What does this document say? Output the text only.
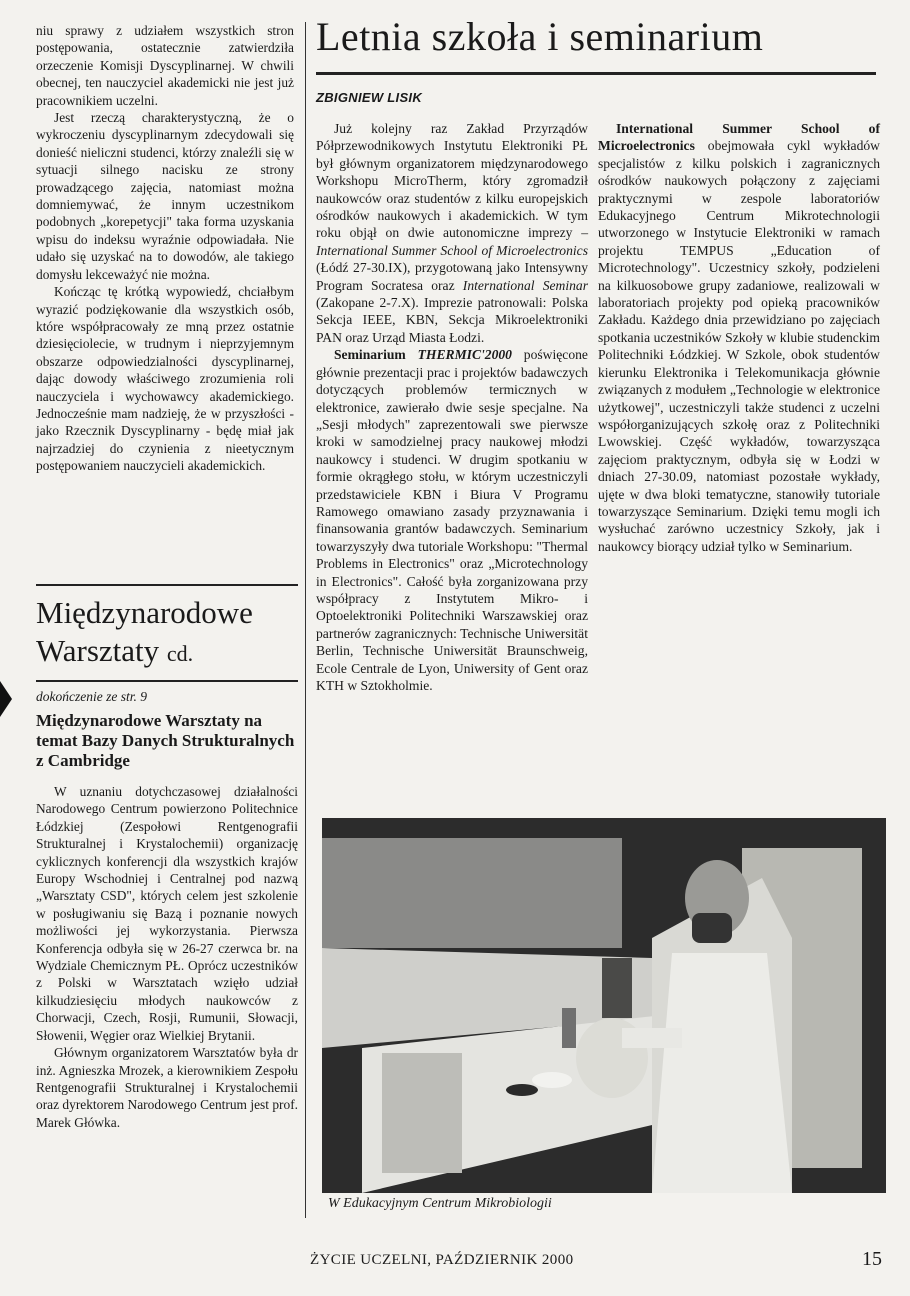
niu sprawy z udziałem wszystkich stron postępowania, ostatecznie zatwierdziła orzeczenie Komisji Dyscyplinarnej. W chwili obecnej, ten nauczyciel akademicki nie jest już pracownikiem uczelni.

Jest rzeczą charakterystyczną, że o wykroczeniu dyscyplinarnym zdecydowali się donieść nieliczni studenci, którzy znaleźli się w sytuacji silnego nacisku ze strony prowadzącego zajęcia, natomiast można domniemywać, że innym uczestnikom podobnych „korepetycji" taka forma uzyskania wpisu do indeksu wyraźnie odpowiadała. Nie udało się uzyskać na to dowodów, ale takiego domysłu lekceważyć nie można.

Kończąc tę krótką wypowiedź, chciałbym wyrazić podziękowanie dla wszystkich osób, które współpracowały ze mną przez ostatnie dziesięciolecie, w trudnym i nieprzyjemnym obszarze odpowiedzialności dyscyplinarnej, dając dowody właściwego zrozumienia roli nauczyciela i wychowawcy akademickiego. Jednocześnie mam nadzieję, że w przyszłości - jako Rzecznik Dyscyplinarny - będę miał jak najrzadziej do czynienia z nieetycznym postępowaniem nauczycieli akademickich.

Międzynarodowe Warsztaty cd.
dokończenie ze str. 9
Międzynarodowe Warsztaty na temat Bazy Danych Strukturalnych z Cambridge

W uznaniu dotychczasowej działalności Narodowego Centrum powierzono Politechnice Łódzkiej (Zespołowi Rentgenografii Strukturalnej i Krystalochemii) organizację cyklicznych konferencji dla wszystkich krajów Europy Wschodniej i Centralnej pod nazwą „Warsztaty CSD", których celem jest szkolenie w posługiwaniu się Bazą i poznanie nowych możliwości jej wykorzystania. Pierwsza Konferencja odbyła się w 26-27 czerwca br. na Wydziale Chemicznym PŁ. Oprócz uczestników z Polski w Warsztatach wzięło udział kilkudziesięciu młodych naukowców z Chorwacji, Czech, Rosji, Rumunii, Słowacji, Słowenii, Węgier oraz Wielkiej Brytanii.

Głównym organizatorem Warsztatów była dr inż. Agnieszka Mrozek, a kierownikiem Zespołu Rentgenografii Strukturalnej i Krystalochemii oraz dyrektorem Narodowego Centrum jest prof. Marek Główka.

Letnia szkoła i seminarium
ZBIGNIEW LISIK

Już kolejny raz Zakład Przyrządów Półprzewodnikowych Instytutu Elektroniki PŁ był głównym organizatorem międzynarodowego Workshopu MicroTherm, który zgromadził naukowców oraz studentów z kilku europejskich ośrodków naukowych i akademickich. W tym roku objął on dwie autonomiczne imprezy – International Summer School of Microelectronics (Łódź 27-30.IX), przygotowaną jako Intensywny Program Socratesa oraz International Seminar (Zakopane 2-7.X). Imprezie patronowali: Polska Sekcja IEEE, KBN, Sekcja Mikroelektroniki PAN oraz Urząd Miasta Łodzi.

Seminarium THERMIC'2000 poświęcone głównie prezentacji prac i projektów badawczych dotyczących problemów termicznych w elektronice, zawierało dwie sesje specjalne. Na „Sesji młodych" zaprezentowali swe pierwsze kroki w samodzielnej pracy naukowej młodzi naukowcy i studenci. W drugim spotkaniu w formie okrągłego stołu, w którym uczestniczyli przedstawiciele KBN i Biura V Programu Ramowego omawiano zasady przyznawania i finansowania grantów badawczych. Seminarium towarzyszyły dwa tutoriale Workshopu: "Thermal Problems in Electronics" oraz „Microtechnology in Electronics". Całość była zorganizowana przy współpracy z Instytutem Mikro- i Optoelektroniki Politechniki Warszawskiej oraz partnerów zagranicznych: Technische Uniwersität Berlin, Technische Uniwersität Braunschweig, Ecole Centrale de Lyon, Uniwersity of Gent oraz KTH w Sztokholmie.

International Summer School of Microelectronics obejmowała cykl wykładów specjalistów z kilku polskich i zagranicznych ośrodków naukowych połączony z zajęciami praktycznymi w zespole laboratoriów Edukacyjnego Centrum Mikrotechnologii utworzonego w Instytucie Elektroniki w ramach projektu TEMPUS „Education of Microtechnology". Uczestnicy szkoły, podzieleni na kilkuosobowe grupy zadaniowe, realizowali w laboratoriach projekty pod opieką pracowników Zakładu. Każdego dnia przewidziano po zajęciach spotkania uczestników Szkoły w klubie studenckim Politechniki Łódzkiej. W Szkole, obok studentów kierunku Elektronika i Telekomunikacja głównie związanych z modułem „Technologie w elektronice użytkowej", uczestniczyli także studenci z uczelni współorganizujących szkołę oraz z Politechniki Lwowskiej. Część wykładów, towarzysząca zajęciom praktycznym, odbyła się w Łodzi w dniach 27-30.09, natomiast pozostałe wykłady, ujęte w dwa bloki tematyczne, stanowiły tutoriale towarzyszące Seminarium. Dzięki temu mogli ich wysłuchać zarówno uczestnicy Szkoły, jak i naukowcy biorący udział tylko w Seminarium.

W Edukacyjnym Centrum Mikrobiologii
ŻYCIE UCZELNI, PAŹDZIERNIK 2000	15
